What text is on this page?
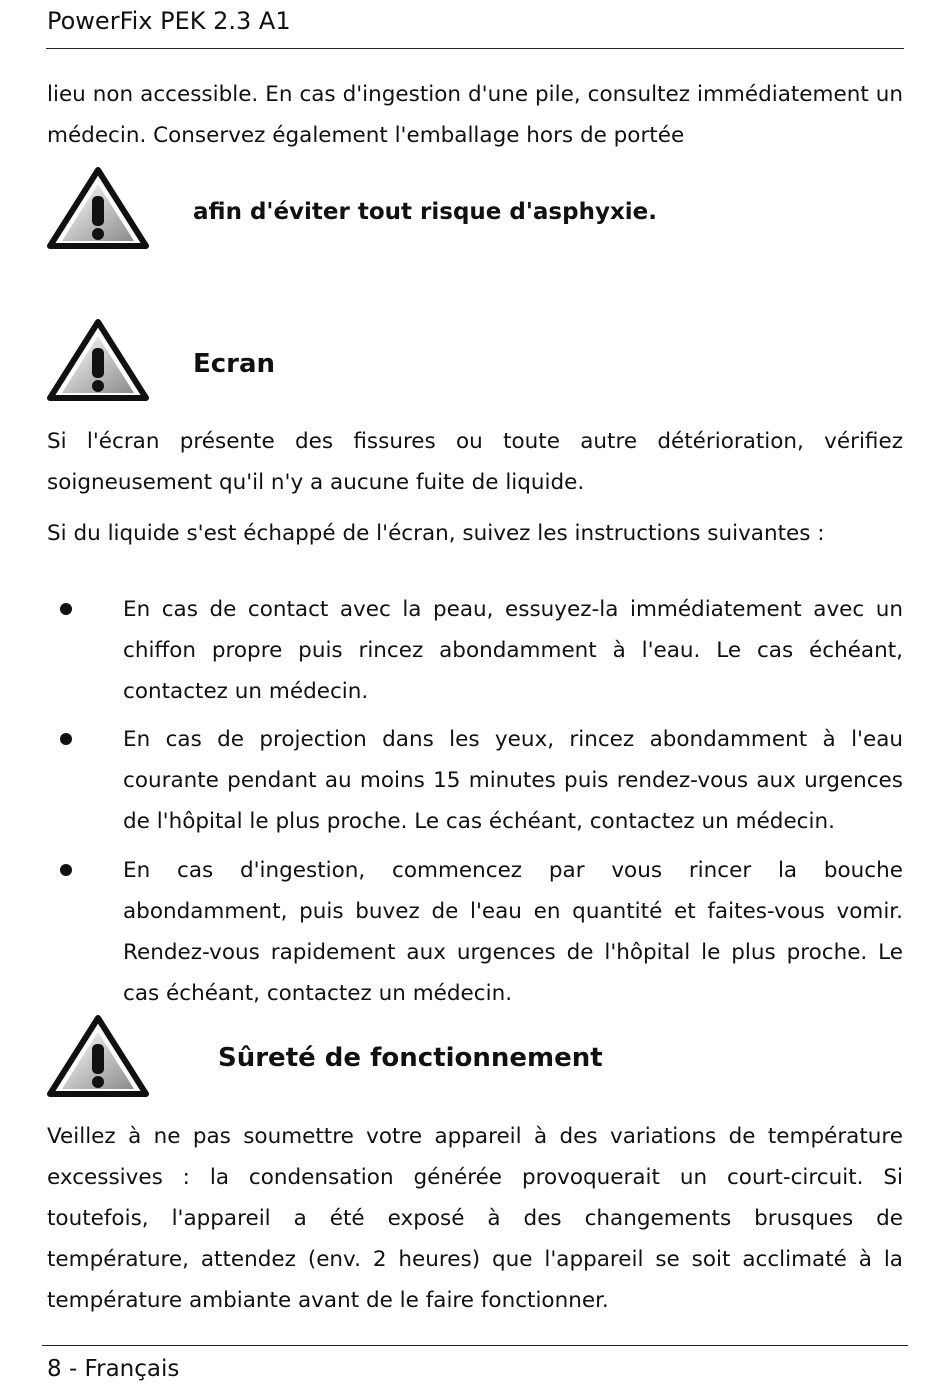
PowerFix PEK 2.3 A1
lieu non accessible. En cas d'ingestion d'une pile, consultez immédiatement un
médecin. Conservez également l'emballage hors de portée
afin d'éviter tout risque d'asphyxie.
Ecran
Si l'écran présente des fissures ou toute autre détérioration, vérifiez soigneusement qu'il n'y a aucune fuite de liquide.
Si du liquide s'est échappé de l'écran, suivez les instructions suivantes :
En cas de contact avec la peau, essuyez-la immédiatement avec un chiffon propre puis rincez abondamment à l'eau. Le cas échéant, contactez un médecin.
En cas de projection dans les yeux, rincez abondamment à l'eau courante pendant au moins 15 minutes puis rendez-vous aux urgences de l'hôpital le plus proche. Le cas échéant, contactez un médecin.
En cas d'ingestion, commencez par vous rincer la bouche abondamment, puis buvez de l'eau en quantité et faites-vous vomir. Rendez-vous rapidement aux urgences de l'hôpital le plus proche. Le cas échéant, contactez un médecin.
Sûreté de fonctionnement
Veillez à ne pas soumettre votre appareil à des variations de température excessives : la condensation générée provoquerait un court-circuit. Si toutefois, l'appareil a été exposé à des changements brusques de température, attendez (env. 2 heures) que l'appareil se soit acclimaté à la température ambiante avant de le faire fonctionner.
8 - Français
